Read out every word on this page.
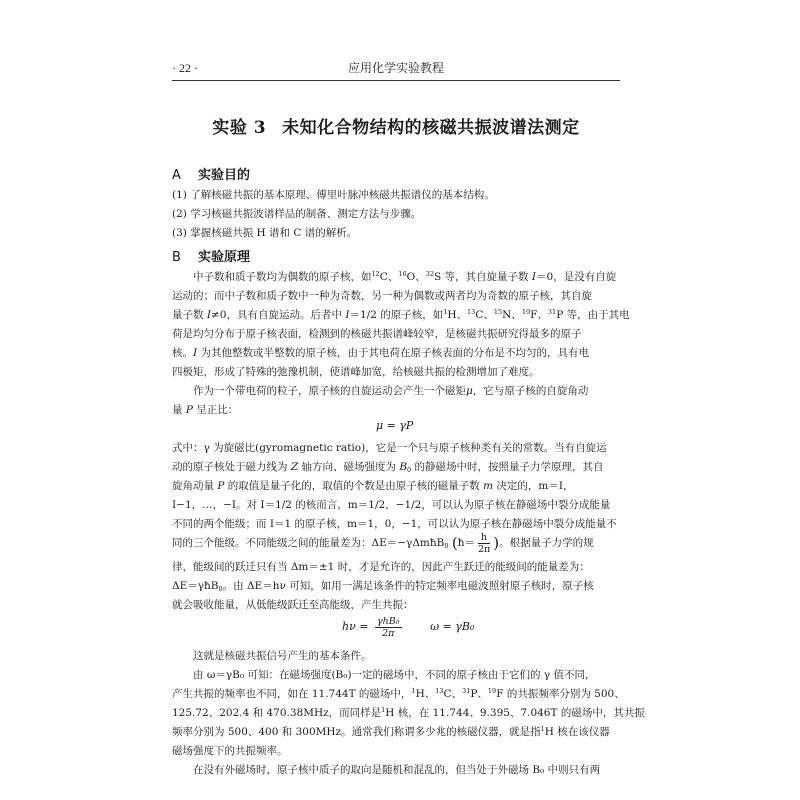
· 22 ·	应用化学实验教程
实验 3 未知化合物结构的核磁共振波谱法测定
A 实验目的
(1) 了解核磁共振的基本原理、傅里叶脉冲核磁共振谱仪的基本结构。
(2) 学习核磁共振波谱样品的制备、测定方法与步骤。
(3) 掌握核磁共振 H 谱和 C 谱的解析。
B 实验原理
中子数和质子数均为偶数的原子核，如$^{12}$C、$^{16}$O、$^{32}$S 等，其自旋量子数 I＝0，是没有自旋
运动的；而中子数和质子数中一种为奇数，另一种为偶数或两者均为奇数的原子核，其自旋
量子数 I≠0，具有自旋运动。后者中 I＝1/2 的原子核，如$^1$H、$^{13}$C、$^{15}$N、$^{19}$F、$^{31}$P 等，由于其电
荷是均匀分布于原子核表面，检测到的核磁共振谱峰较窄，是核磁共振研究得最多的原子
核。I 为其他整数或半整数的原子核，由于其电荷在原子核表面的分布是不均匀的，具有电
四极矩，形成了特殊的弛豫机制，使谱峰加宽，给核磁共振的检测增加了难度。
作为一个带电荷的粒子，原子核的自旋运动会产生一个磁矩μ，它与原子核的自旋角动
量 P 呈正比：
μ = γP
式中：γ 为旋磁比(gyromagnetic ratio)，它是一个只与原子核种类有关的常数。当有自旋运
动的原子核处于磁力线为 Z 轴方向、磁场强度为 $B_0$ 的静磁场中时，按照量子力学原理，其自
旋角动量 P 的取值是量子化的，取值的个数是由原子核的磁量子数 m 决定的，m＝I，
I−1，…，−I。对 I＝1/2 的核而言，m＝1/2，−1/2，可以认为原子核在静磁场中裂分成能量
不同的两个能级；而 I＝1 的原子核，m＝1，0，−1，可以认为原子核在静磁场中裂分成能量不
同的三个能级。不同能级之间的能量差为：ΔE＝−γΔmħB$_0$ (ħ＝ $\frac{h}{2\pi}$ )。根据量子力学的规
律，能级间的跃迁只有当 Δm＝±1 时，才是允许的，因此产生跃迁的能级间的能量差为：
ΔE＝γħB$_0$。由 ΔE＝hν 可知，如用一满足该条件的特定频率电磁波照射原子核时，原子核
就会吸收能量，从低能级跃迁至高能级，产生共振：
$h\nu = \frac{\text{γhB₀}}{2\pi}$	ω = γB₀
这就是核磁共振信号产生的基本条件。
由 ω＝γB₀ 可知：在磁场强度(B₀)一定的磁场中，不同的原子核由于它们的 γ 值不同，
产生共振的频率也不同，如在 11.744T 的磁场中，$^1$H、$^{13}$C、$^{31}$P、$^{19}$F 的共振频率分别为 500、
125.72、202.4 和 470.38MHz，而同样是$^1$H 核，在 11.744、9.395、7.046T 的磁场中，其共振
频率分别为 500、400 和 300MHz。通常我们称谓多少兆的核磁仪器，就是指$^1$H 核在该仪器
磁场强度下的共振频率。
在没有外磁场时，原子核中质子的取向是随机和混乱的，但当处于外磁场 B₀ 中则只有两
